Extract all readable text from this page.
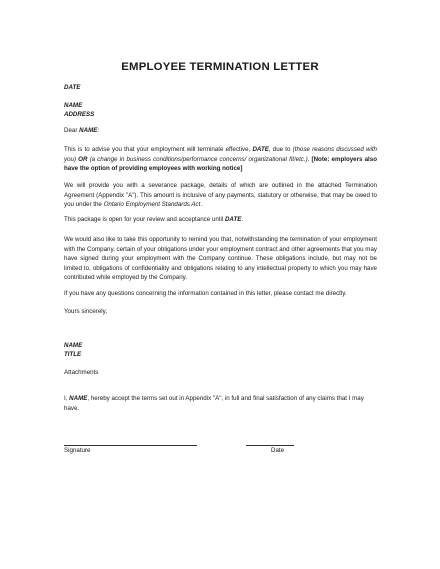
EMPLOYEE TERMINATION LETTER
DATE
NAME
ADDRESS
Dear NAME:
This is to advise you that your employment will terminate effective, DATE, due to (those reasons discussed with you) OR (a change in business conditions/performance concerns/ organizational fit/etc.). [Note: employers also have the option of providing employees with working notice]
We will provide you with a severance package, details of which are outlined in the attached Termination Agreement (Appendix "A"). This amount is inclusive of any payments, statutory or otherwise, that may be owed to you under the Ontario Employment Standards Act.
This package is open for your review and acceptance until DATE.
We would also like to take this opportunity to remind you that, notwithstanding the termination of your employment with the Company, certain of your obligations under your employment contract and other agreements that you may have signed during your employment with the Company continue. These obligations include, but may not be limited to, obligations of confidentiality and obligations relating to any intellectual property to which you may have contributed while employed by the Company.
If you have any questions concerning the information contained in this letter, please contact me directly.
Yours sincerely,
NAME
TITLE
Attachments
I, NAME, hereby accept the terms set out in Appendix "A", in full and final satisfaction of any claims that I may have.
Signature	Date
